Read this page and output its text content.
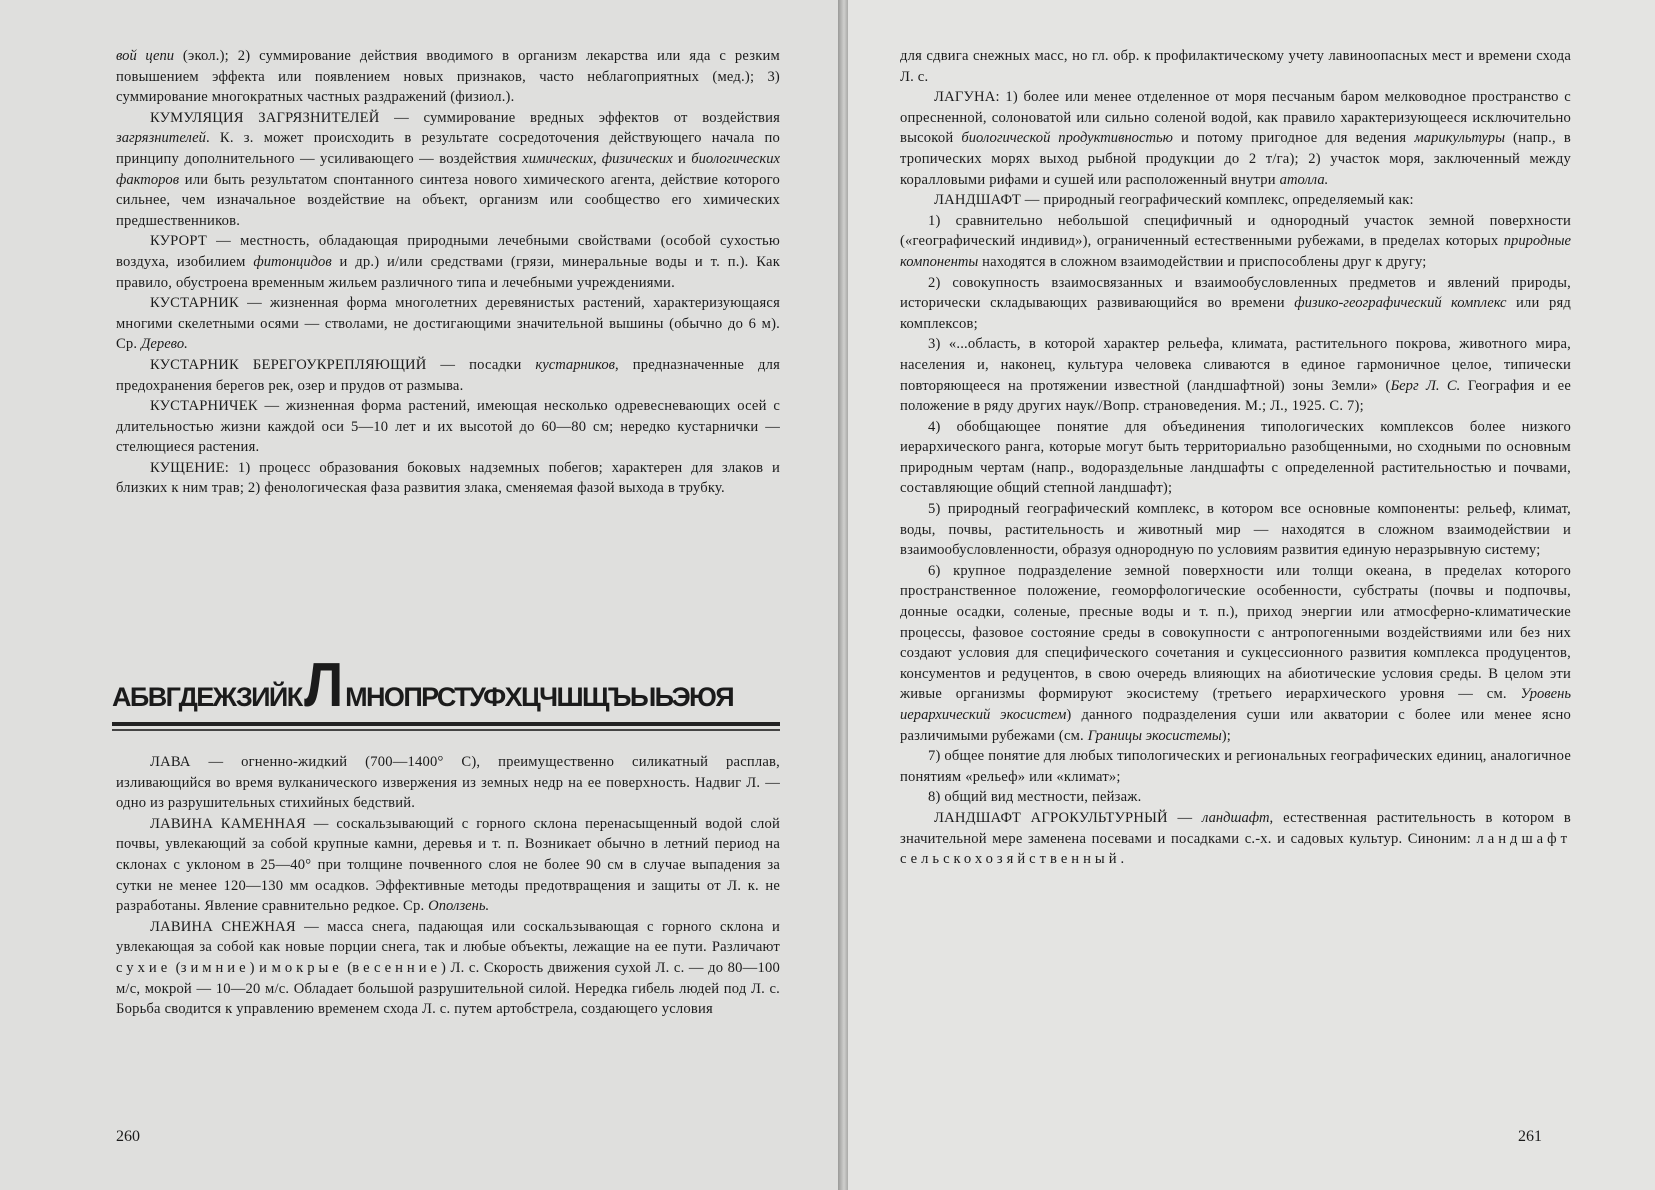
вой цепи (экол.); 2) суммирование действия вводимого в организм лекарства или яда с резким повышением эффекта или появлением новых признаков, часто неблагоприятных (мед.); 3) суммирование многократных частных раздражений (физиол.).

КУМУЛЯЦИЯ ЗАГРЯЗНИТЕЛЕЙ — суммирование вредных эффектов от воздействия загрязнителей. К. з. может происходить в результате сосредоточения действующего начала по принципу дополнительного — усиливающего — воздействия химических, физических и биологических факторов или быть результатом спонтанного синтеза нового химического агента, действие которого сильнее, чем изначальное воздействие на объект, организм или сообщество его химических предшественников.

КУРОРТ — местность, обладающая природными лечебными свойствами (особой сухостью воздуха, изобилием фитонцидов и др.) и/или средствами (грязи, минеральные воды и т. п.). Как правило, обустроена временным жильем различного типа и лечебными учреждениями.

КУСТАРНИК — жизненная форма многолетних деревянистых растений, характеризующаяся многими скелетными осями — стволами, не достигающими значительной вышины (обычно до 6 м). Ср. Дерево.

КУСТАРНИК БЕРЕГОУКРЕПЛЯЮЩИЙ — посадки кустарников, предназначенные для предохранения берегов рек, озер и прудов от размыва.

КУСТАРНИЧЕК — жизненная форма растений, имеющая несколько одревесневающих осей с длительностью жизни каждой оси 5—10 лет и их высотой до 60—80 см; нередко кустарнички — стелющиеся растения.

КУЩЕНИЕ: 1) процесс образования боковых надземных побегов; характерен для злаков и близких к ним трав; 2) фенологическая фаза развития злака, сменяемая фазой выхода в трубку.

АБВГДЕЖЗИЙК Л МНОПРСТУФХЦЧШЩЪЫЬЭЮЯ

ЛАВА — огненно-жидкий (700—1400° С), преимущественно силикатный расплав, изливающийся во время вулканического извержения из земных недр на ее поверхность. Надвиг Л. — одно из разрушительных стихийных бедствий.

ЛАВИНА КАМЕННАЯ — соскальзывающий с горного склона перенасыщенный водой слой почвы, увлекающий за собой крупные камни, деревья и т. п. Возникает обычно в летний период на склонах с уклоном в 25—40° при толщине почвенного слоя не более 90 см в случае выпадения за сутки не менее 120—130 мм осадков. Эффективные методы предотвращения и защиты от Л. к. не разработаны. Явление сравнительно редкое. Ср. Оползень.

ЛАВИНА СНЕЖНАЯ — масса снега, падающая или соскальзывающая с горного склона и увлекающая за собой как новые порции снега, так и любые объекты, лежащие на ее пути. Различают сухие (зимние) и мокрые (весенние) Л. с. Скорость движения сухой Л. с. — до 80—100 м/с, мокрой — 10—20 м/с. Обладает большой разрушительной силой. Нередка гибель людей под Л. с. Борьба сводится к управлению временем схода Л. с. путем артобстрела, создающего условия

260

для сдвига снежных масс, но гл. обр. к профилактическому учету лавиноопасных мест и времени схода Л. с.

ЛАГУНА: 1) более или менее отделенное от моря песчаным баром мелководное пространство с опресненной, солоноватой или сильно соленой водой, как правило характеризующееся исключительно высокой биологической продуктивностью и потому пригодное для ведения марикультуры (напр., в тропических морях выход рыбной продукции до 2 т/га); 2) участок моря, заключенный между коралловыми рифами и сушей или расположенный внутри атолла.

ЛАНДШАФТ — природный географический комплекс, определяемый как:

1) сравнительно небольшой специфичный и однородный участок земной поверхности («географический индивид»), ограниченный естественными рубежами, в пределах которых природные компоненты находятся в сложном взаимодействии и приспособлены друг к другу;

2) совокупность взаимосвязанных и взаимообусловленных предметов и явлений природы, исторически складывающих развивающийся во времени физико-географический комплекс или ряд комплексов;

3) «...область, в которой характер рельефа, климата, растительного покрова, животного мира, населения и, наконец, культура человека сливаются в единое гармоничное целое, типически повторяющееся на протяжении известной (ландшафтной) зоны Земли» (Берг Л. С. География и ее положение в ряду других наук//Вопр. страноведения. М.; Л., 1925. С. 7);

4) обобщающее понятие для объединения типологических комплексов более низкого иерархического ранга, которые могут быть территориально разобщенными, но сходными по основным природным чертам (напр., водораздельные ландшафты с определенной растительностью и почвами, составляющие общий степной ландшафт);

5) природный географический комплекс, в котором все основные компоненты: рельеф, климат, воды, почвы, растительность и животный мир — находятся в сложном взаимодействии и взаимообусловленности, образуя однородную по условиям развития единую неразрывную систему;

6) крупное подразделение земной поверхности или толщи океана, в пределах которого пространственное положение, геоморфологические особенности, субстраты (почвы и подпочвы, донные осадки, соленые, пресные воды и т. п.), приход энергии или атмосферно-климатические процессы, фазовое состояние среды в совокупности с антропогенными воздействиями или без них создают условия для специфического сочетания и сукцессионного развития комплекса продуцентов, консументов и редуцентов, в свою очередь влияющих на абиотические условия среды. В целом эти живые организмы формируют экосистему (третьего иерархического уровня — см. Уровень иерархический экосистем) данного подразделения суши или акватории с более или менее ясно различимыми рубежами (см. Границы экосистемы);

7) общее понятие для любых типологических и региональных географических единиц, аналогичное понятиям «рельеф» или «климат»;

8) общий вид местности, пейзаж.

ЛАНДШАФТ АГРОКУЛЬТУРНЫЙ — ландшафт, естественная растительность в котором в значительной мере заменена посевами и посадками с.-х. и садовых культур. Синоним: ландшафт сельскохозяйственный.

261
